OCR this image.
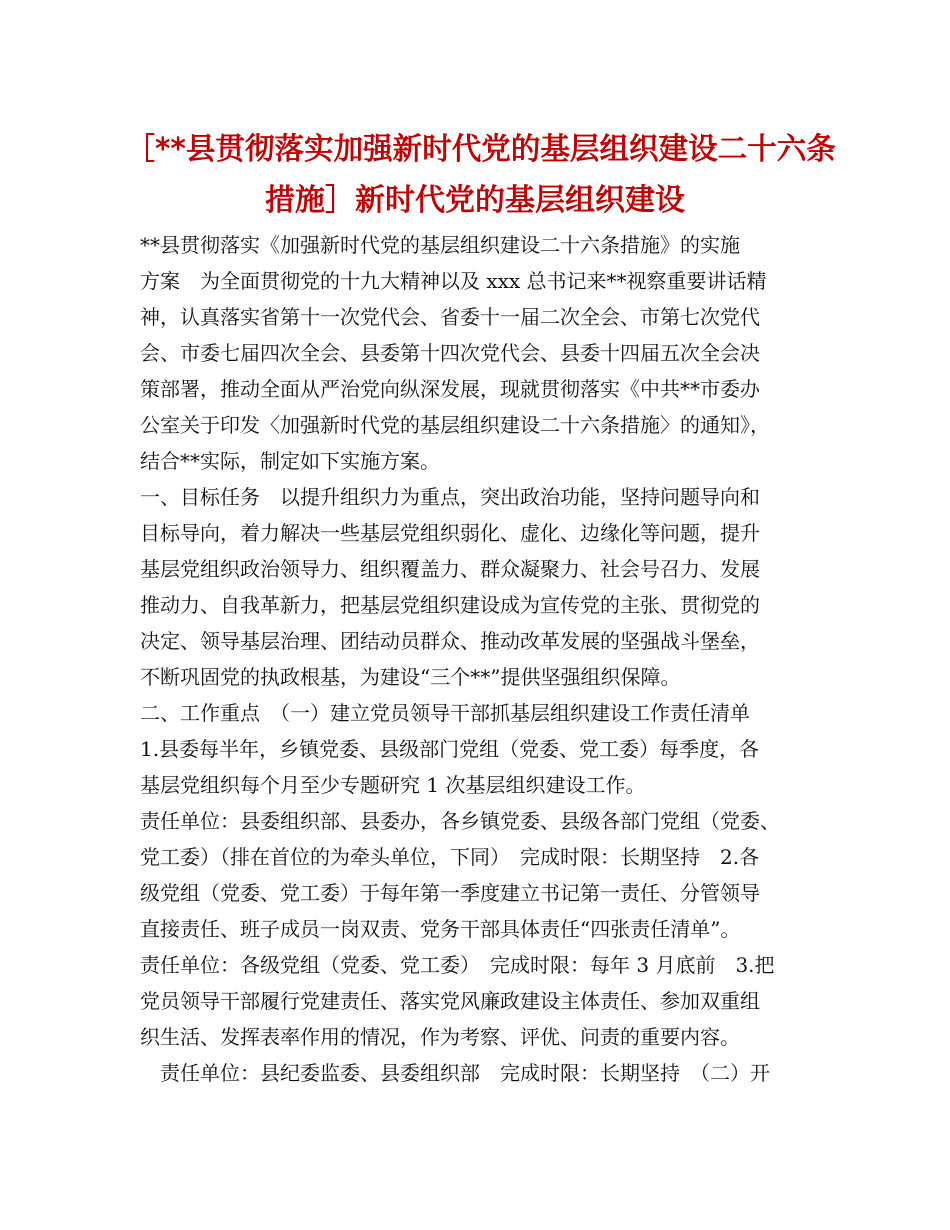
［**县贯彻落实加强新时代党的基层组织建设二十六条
措施］新时代党的基层组织建设

**县贯彻落实《加强新时代党的基层组织建设二十六条措施》的实施

方案　为全面贯彻党的十九大精神以及 xxx 总书记来**视察重要讲话精

神，认真落实省第十一次党代会、省委十一届二次全会、市第七次党代

会、市委七届四次全会、县委第十四次党代会、县委十四届五次全会决

策部署，推动全面从严治党向纵深发展，现就贯彻落实《中共**市委办

公室关于印发〈加强新时代党的基层组织建设二十六条措施〉的通知》，

结合**实际，制定如下实施方案。

一、目标任务　以提升组织力为重点，突出政治功能，坚持问题导向和

目标导向，着力解决一些基层党组织弱化、虚化、边缘化等问题，提升

基层党组织政治领导力、组织覆盖力、群众凝聚力、社会号召力、发展

推动力、自我革新力，把基层党组织建设成为宣传党的主张、贯彻党的

决定、领导基层治理、团结动员群众、推动改革发展的坚强战斗堡垒，

不断巩固党的执政根基，为建设“三个**”提供坚强组织保障。

二、工作重点　（一）建立党员领导干部抓基层组织建设工作责任清单

1.县委每半年，乡镇党委、县级部门党组（党委、党工委）每季度，各

基层党组织每个月至少专题研究 1 次基层组织建设工作。

责任单位：县委组织部、县委办，各乡镇党委、县级各部门党组（党委、

党工委）（排在首位的为牵头单位，下同）　完成时限：长期坚持　2.各

级党组（党委、党工委）于每年第一季度建立书记第一责任、分管领导

直接责任、班子成员一岗双责、党务干部具体责任“四张责任清单”。

责任单位：各级党组（党委、党工委）　完成时限：每年 3 月底前　3.把

党员领导干部履行党建责任、落实党风廉政建设主体责任、参加双重组

织生活、发挥表率作用的情况，作为考察、评优、问责的重要内容。

　责任单位：县纪委监委、县委组织部　完成时限：长期坚持　（二）开
